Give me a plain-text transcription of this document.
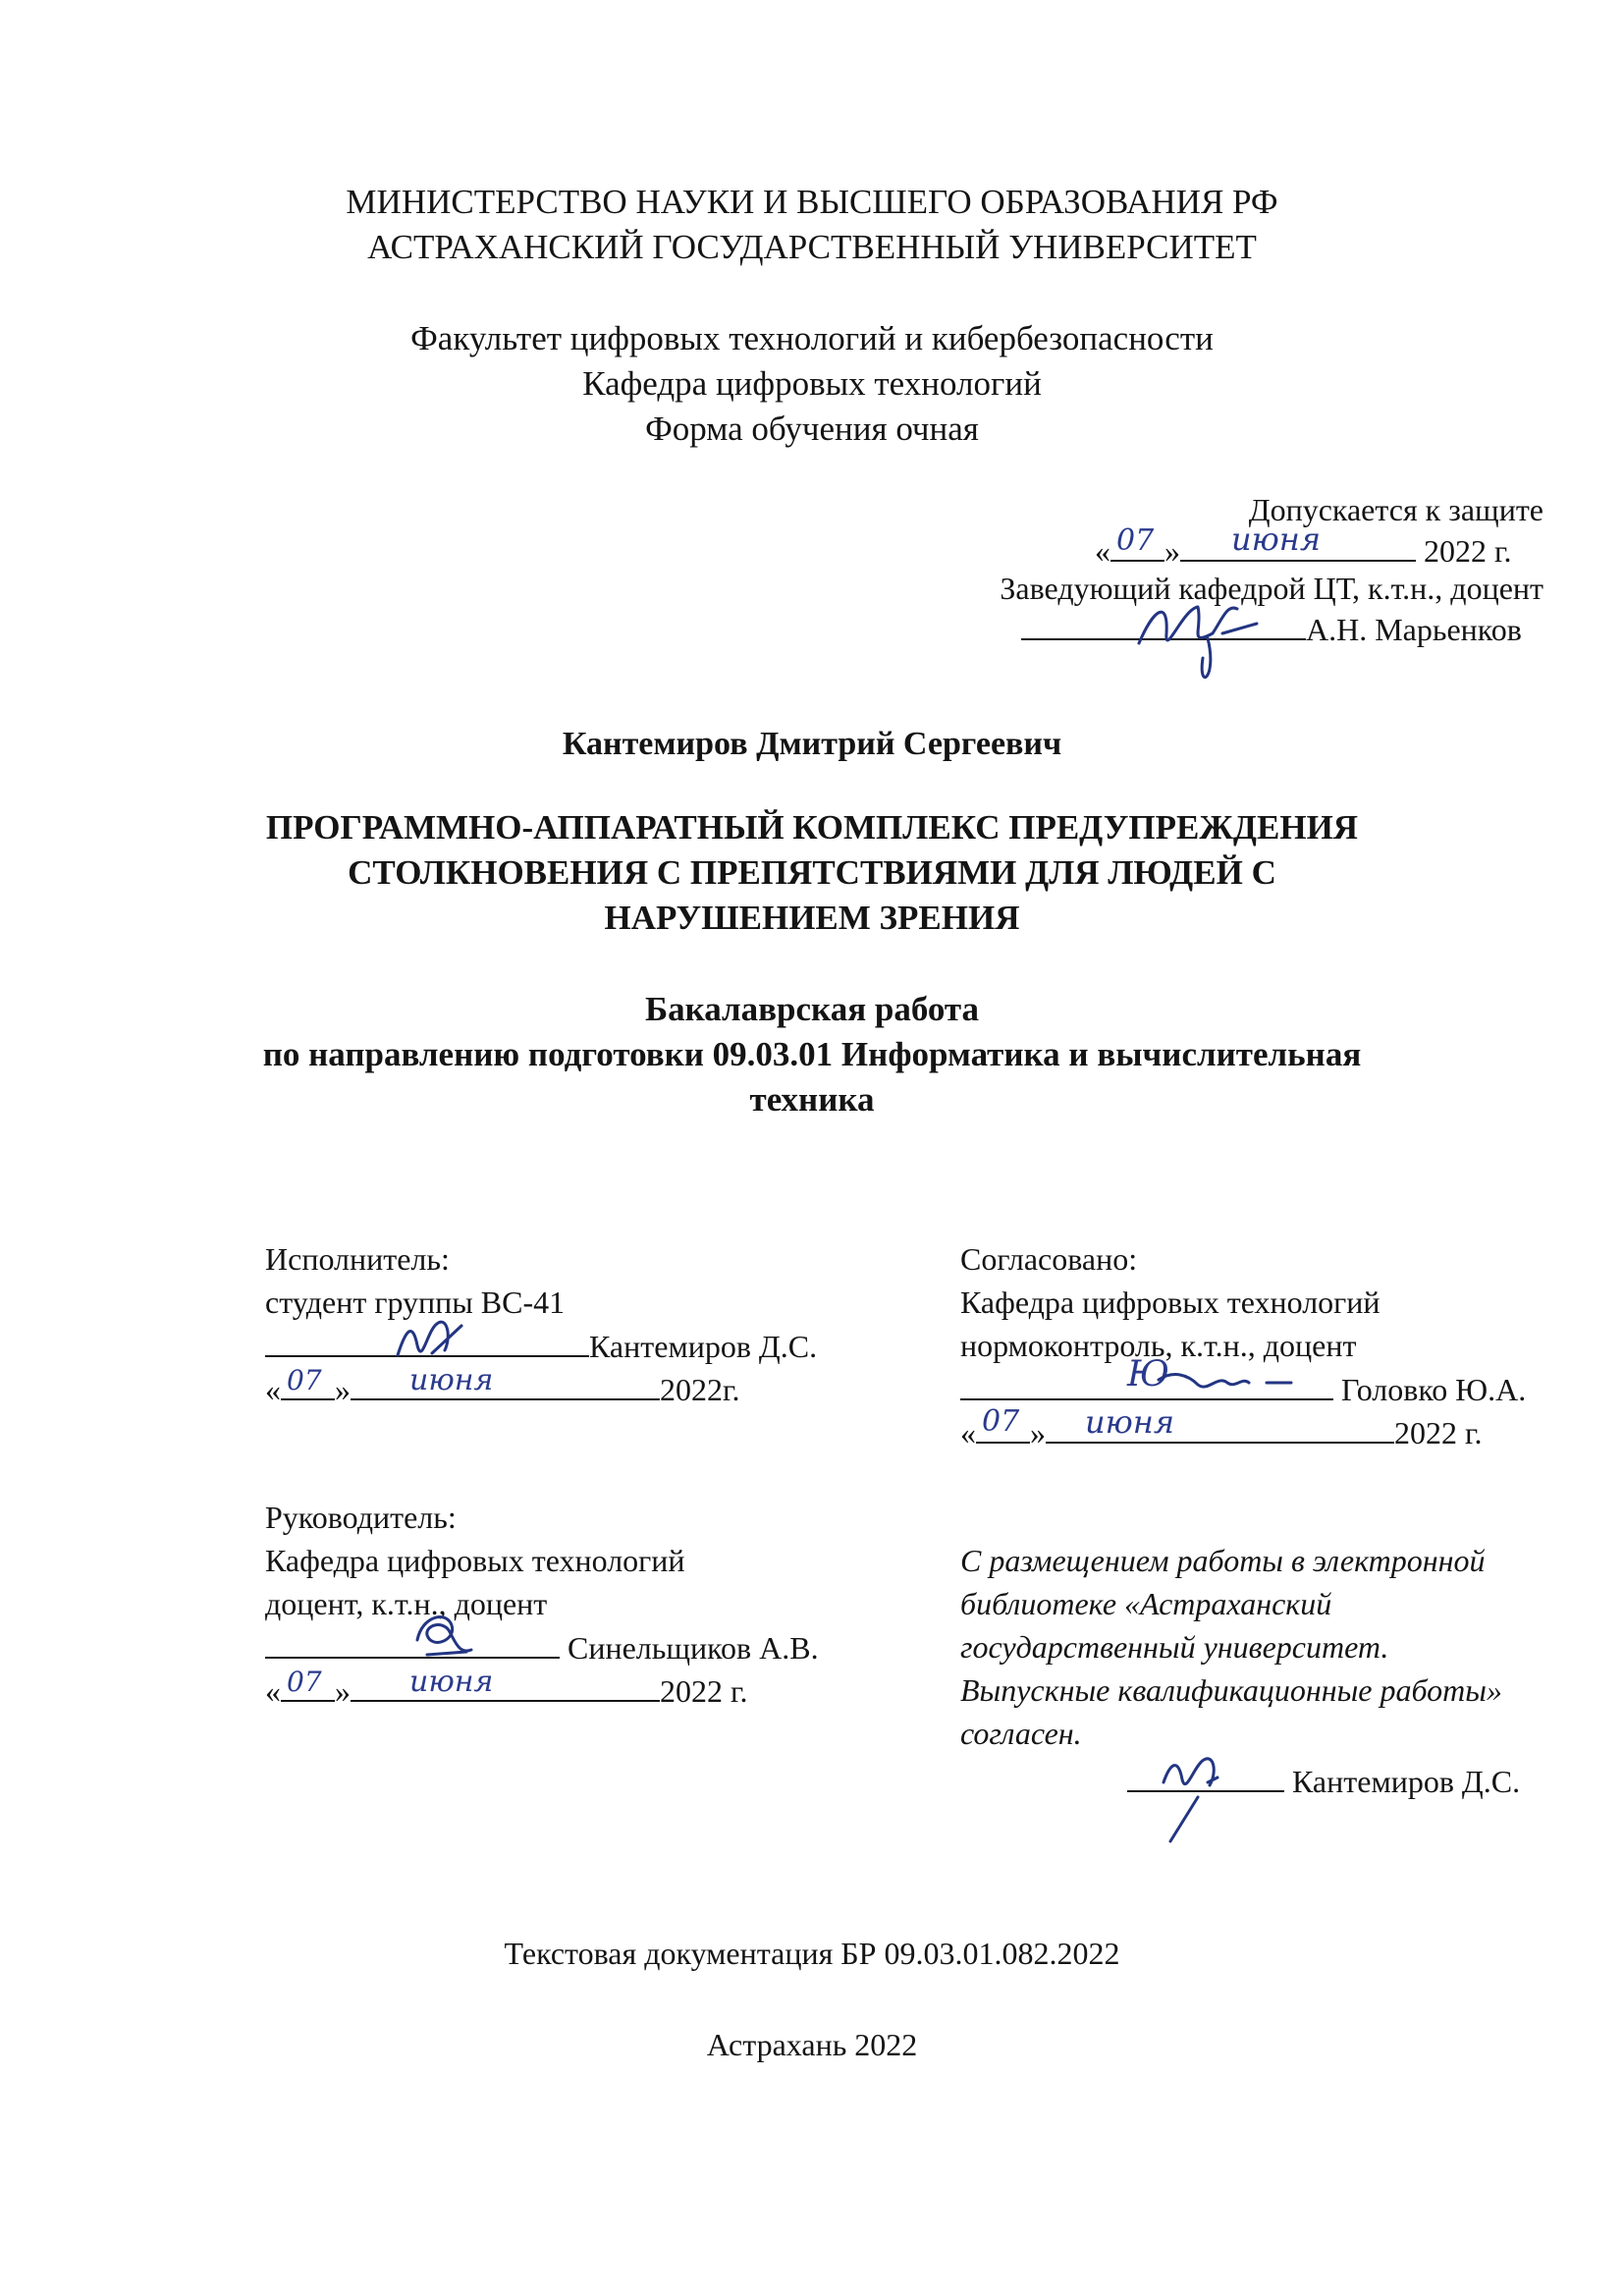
МИНИСТЕРСТВО НАУКИ И ВЫСШЕГО ОБРАЗОВАНИЯ РФ
АСТРАХАНСКИЙ ГОСУДАРСТВЕННЫЙ УНИВЕРСИТЕТ
Факультет цифровых технологий и кибербезопасности
Кафедра цифровых технологий
Форма обучения очная
Допускается к защите
« 07 » июня	2022 г.
Заведующий кафедрой ЦТ, к.т.н., доцент
А.Н. Марьенков
Кантемиров Дмитрий Сергеевич
ПРОГРАММНО-АППАРАТНЫЙ КОМПЛЕКС ПРЕДУПРЕЖДЕНИЯ
СТОЛКНОВЕНИЯ С ПРЕПЯТСТВИЯМИ ДЛЯ ЛЮДЕЙ С
НАРУШЕНИЕМ ЗРЕНИЯ
Бакалаврская работа
по направлению подготовки 09.03.01 Информатика и вычислительная
техника
Исполнитель:
студент группы ВС-41
Кантемиров Д.С.
« 07 » июня	2022г.
Согласовано:
Кафедра цифровых технологий
нормоконтроль, к.т.н., доцент
Ю	Головко Ю.А.
« 07 » июня	2022 г.
Руководитель:
Кафедра цифровых технологий
доцент, к.т.н., доцент
Синельщиков А.В.
« 07 » июня	2022 г.
С размещением работы в электронной
библиотеке «Астраханский
государственный университет.
Выпускные квалификационные работы»
согласен.
Кантемиров Д.С.
Текстовая документация БР 09.03.01.082.2022
Астрахань 2022
